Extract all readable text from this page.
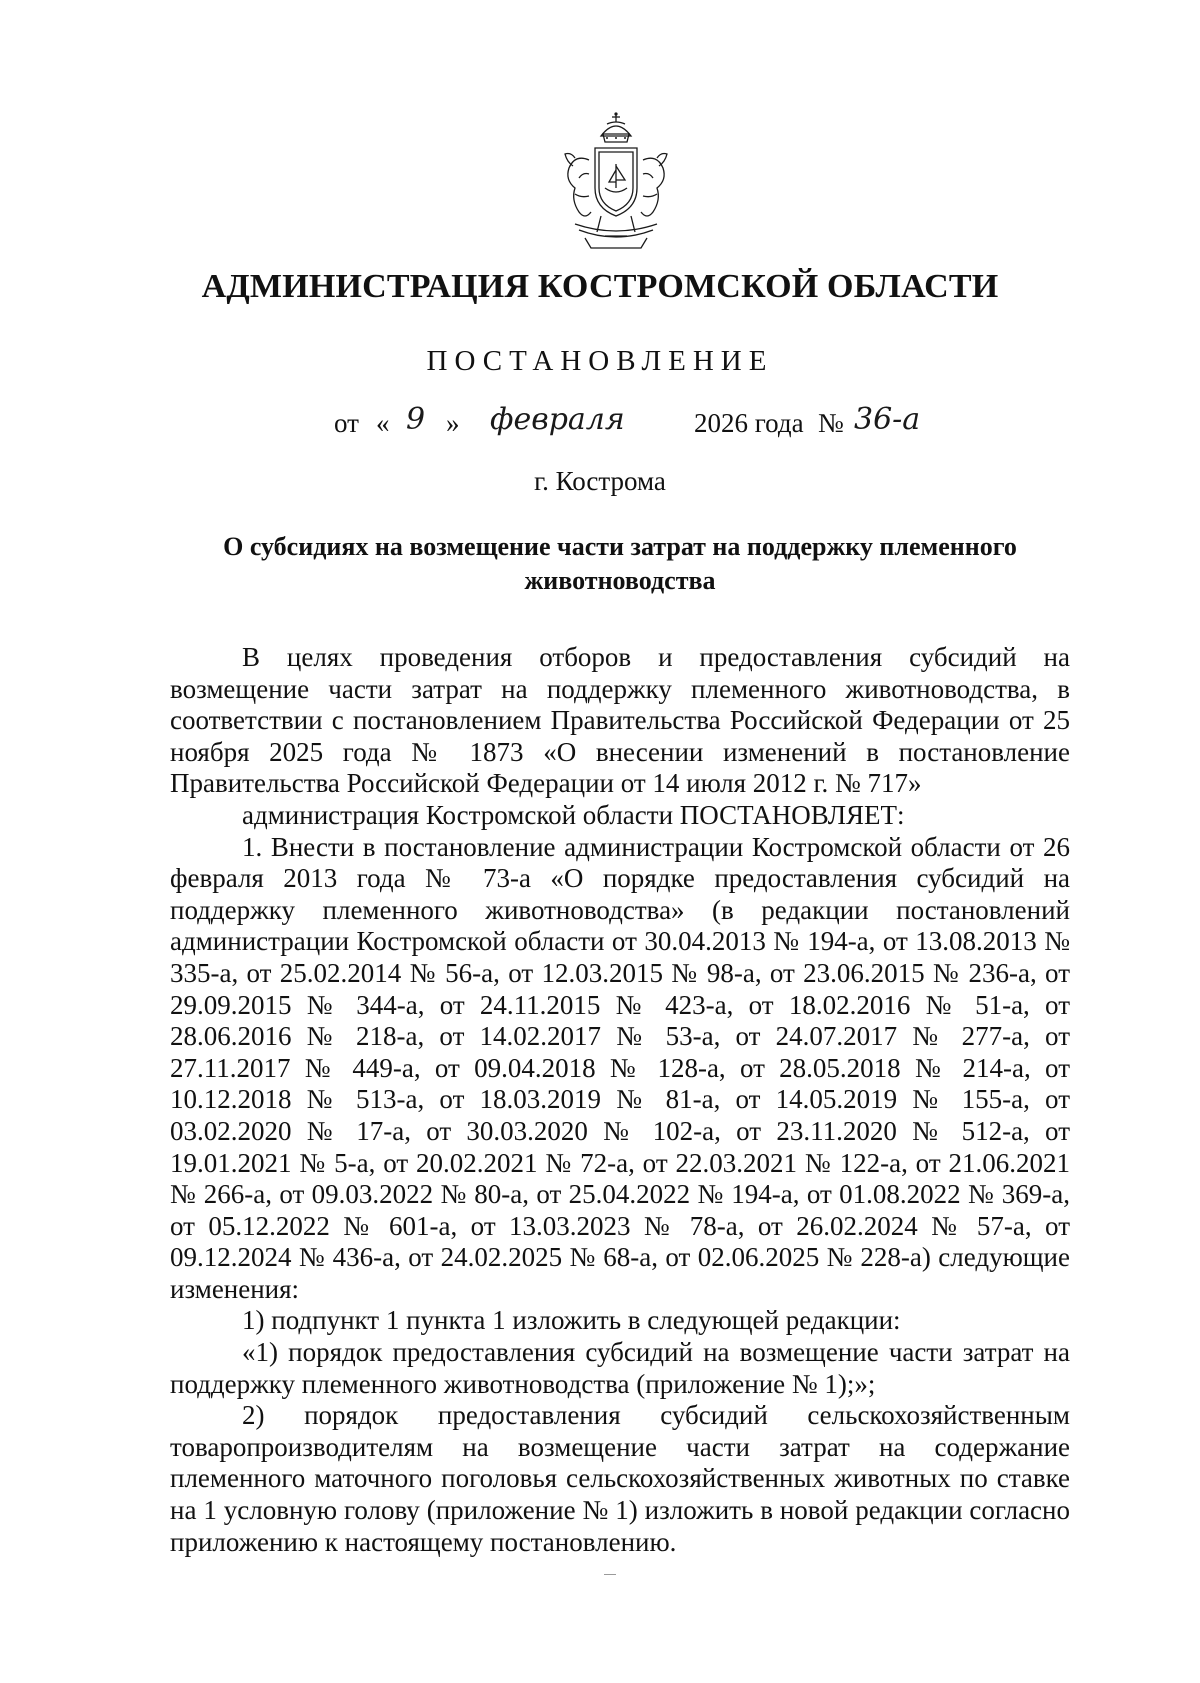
АДМИНИСТРАЦИЯ КОСТРОМСКОЙ ОБЛАСТИ
ПОСТАНОВЛЕНИЕ
от « 9 » февраля	2026 года № 36-а
г. Кострома
О субсидиях на возмещение части затрат на поддержку племенного животноводства

В целях проведения отборов и предоставления субсидий на возмещение части затрат на поддержку племенного животноводства, в соответствии с постановлением Правительства Российской Федерации от 25 ноября 2025 года № 1873 «О внесении изменений в постановление Правительства Российской Федерации от 14 июля 2012 г. № 717»

администрация Костромской области ПОСТАНОВЛЯЕТ:

1. Внести в постановление администрации Костромской области от 26 февраля 2013 года № 73-а «О порядке предоставления субсидий на поддержку племенного животноводства» (в редакции постановлений администрации Костромской области от 30.04.2013 № 194-а, от 13.08.2013 № 335-а, от 25.02.2014 № 56-а, от 12.03.2015 № 98-а, от 23.06.2015 № 236-а, от 29.09.2015 № 344-а, от 24.11.2015 № 423-а, от 18.02.2016 № 51-а, от 28.06.2016 № 218-а, от 14.02.2017 № 53-а, от 24.07.2017 № 277-а, от 27.11.2017 № 449-а, от 09.04.2018 № 128-а, от 28.05.2018 № 214-а, от 10.12.2018 № 513-а, от 18.03.2019 № 81-а, от 14.05.2019 № 155-а, от 03.02.2020 № 17-а, от 30.03.2020 № 102-а, от 23.11.2020 № 512-а, от 19.01.2021 № 5-а, от 20.02.2021 № 72-а, от 22.03.2021 № 122-а, от 21.06.2021 № 266-а, от 09.03.2022 № 80-а, от 25.04.2022 № 194-а, от 01.08.2022 № 369-а, от 05.12.2022 № 601-а, от 13.03.2023 № 78-а, от 26.02.2024 № 57-а, от 09.12.2024 № 436-а, от 24.02.2025 № 68-а, от 02.06.2025 № 228-а) следующие изменения:

1) подпункт 1 пункта 1 изложить в следующей редакции:

«1) порядок предоставления субсидий на возмещение части затрат на поддержку племенного животноводства (приложение № 1);»;

2) порядок предоставления субсидий сельскохозяйственным товаропроизводителям на возмещение части затрат на содержание племенного маточного поголовья сельскохозяйственных животных по ставке на 1 условную голову (приложение № 1) изложить в новой редакции согласно приложению к настоящему постановлению.
